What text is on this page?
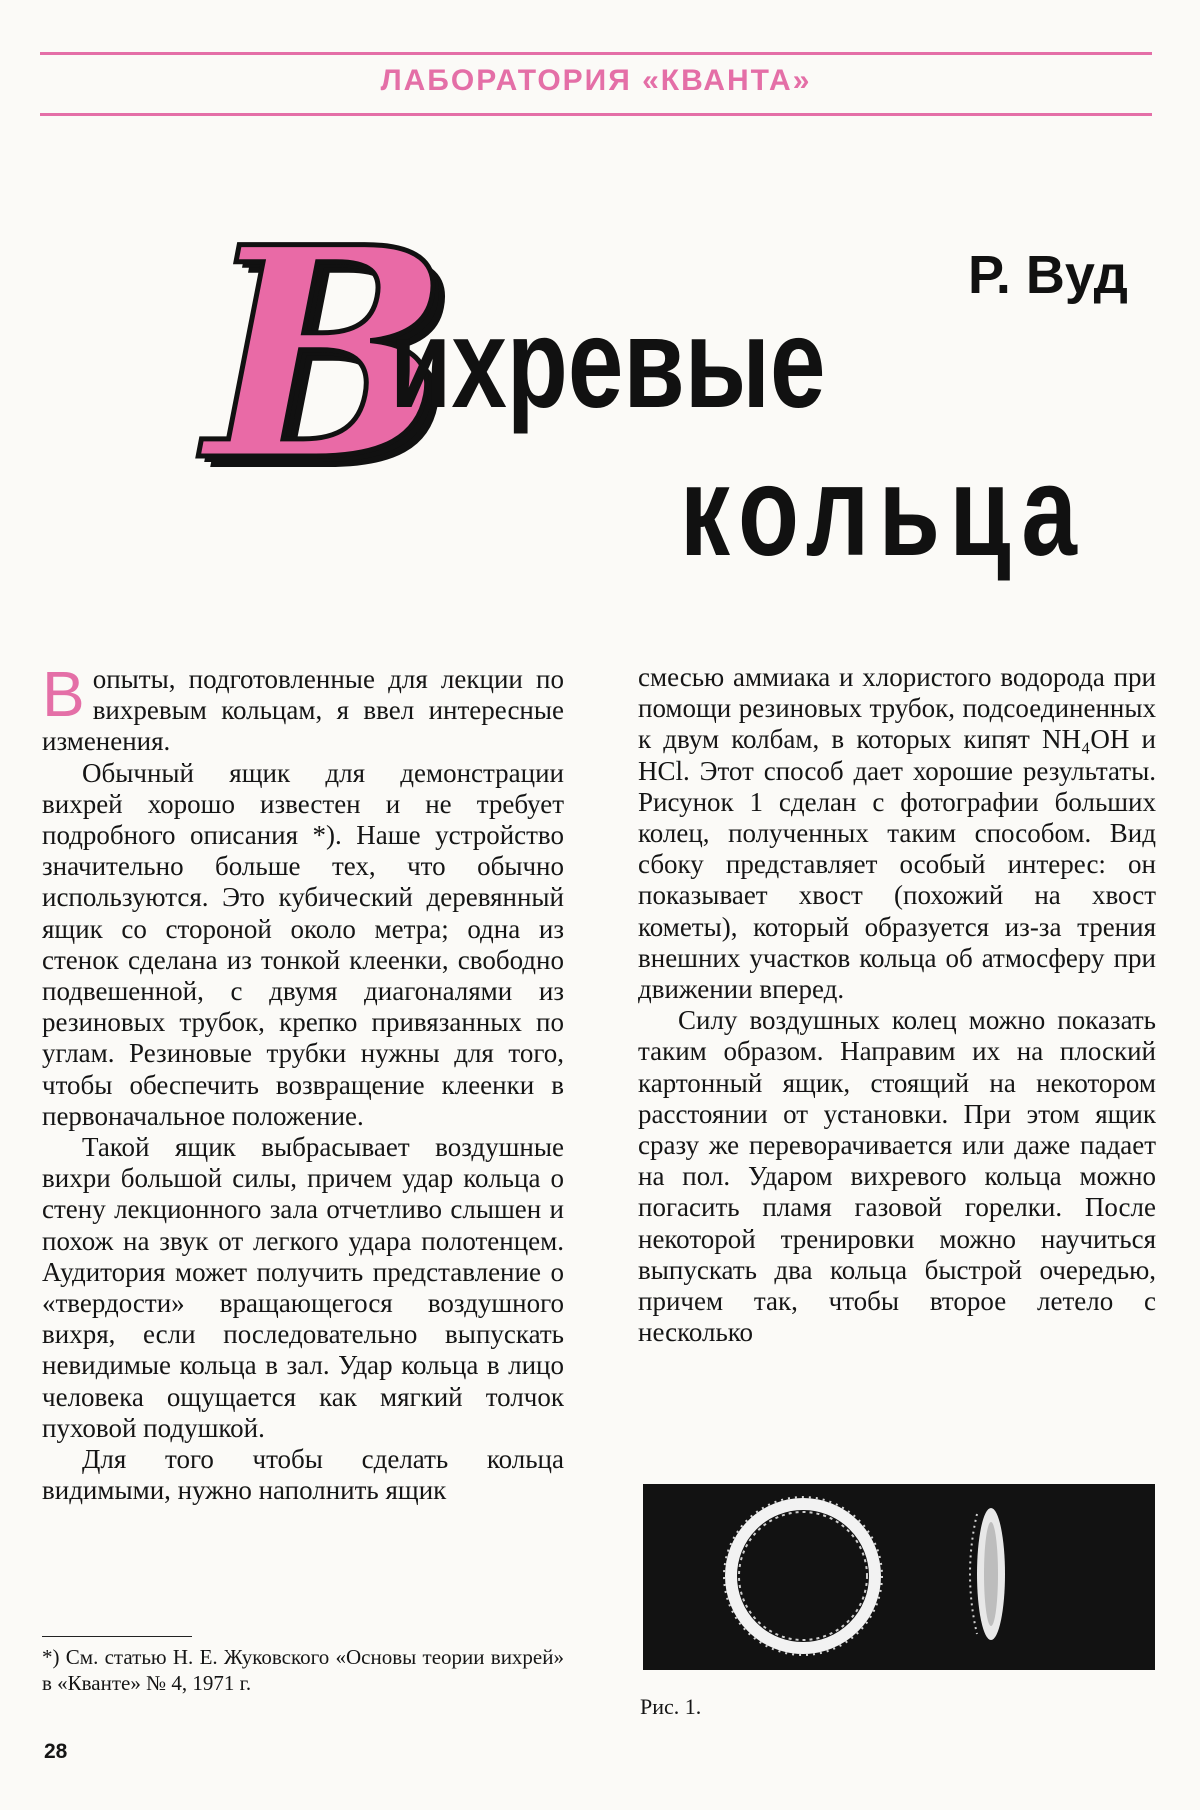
ЛАБОРАТОРИЯ «КВАНТА»
В
ихревые
кольца
Р. Вуд

В опыты, подготовленные для лекции по вихревым кольцам, я ввел интересные изменения.

Обычный ящик для демонстрации вихрей хорошо известен и не требует подробного описания *). Наше устройство значительно больше тех, что обычно используются. Это кубический деревянный ящик со стороной около метра; одна из стенок сделана из тонкой клеенки, свободно подвешенной, с двумя диагоналями из резиновых трубок, крепко привязанных по углам. Резиновые трубки нужны для того, чтобы обеспечить возвращение клеенки в первоначальное положение.

Такой ящик выбрасывает воздушные вихри большой силы, причем удар кольца о стену лекционного зала отчетливо слышен и похож на звук от легкого удара полотенцем. Аудитория может получить представление о «твердости» вращающегося воздушного вихря, если последовательно выпускать невидимые кольца в зал. Удар кольца в лицо человека ощущается как мягкий толчок пуховой подушкой.

Для того чтобы сделать кольца видимыми, нужно наполнить ящик

смесью аммиака и хлористого водорода при помощи резиновых трубок, подсоединенных к двум колбам, в которых кипят NH₄OH и HCl. Этот способ дает хорошие результаты. Рисунок 1 сделан с фотографии больших колец, полученных таким способом. Вид сбоку представляет особый интерес: он показывает хвост (похожий на хвост кометы), который образуется из-за трения внешних участков кольца об атмосферу при движении вперед.

Силу воздушных колец можно показать таким образом. Направим их на плоский картонный ящик, стоящий на некотором расстоянии от установки. При этом ящик сразу же переворачивается или даже падает на пол. Ударом вихревого кольца можно погасить пламя газовой горелки. После некоторой тренировки можно научиться выпускать два кольца быстрой очередью, причем так, чтобы второе летело с несколько

*) См. статью Н. Е. Жуковского «Основы теории вихрей» в «Кванте» № 4, 1971 г.
Рис. 1.
28
